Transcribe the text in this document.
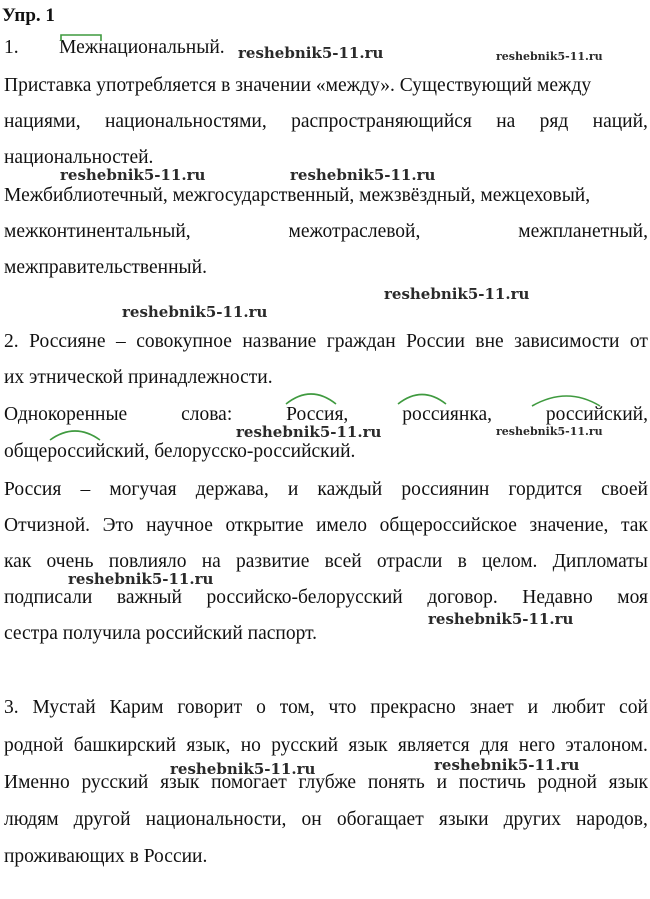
Упр. 1
1. Межнациональный.
Приставка употребляется в значении «между». Существующий между
нациями, национальностями, распространяющийся на ряд наций,
национальностей.
Межбиблиотечный, межгосударственный, межзвёздный, межцеховый,
межконтинентальный,	межотраслевой,	межпланетный,
межправительственный.
2. Россияне – совокупное название граждан России вне зависимости от
их этнической принадлежности.
Однокоренные	слова:	Россия,	россиянка,	российский,
общероссийский, белорусско-российский.
Россия – могучая держава, и каждый россиянин гордится своей
Отчизной. Это научное открытие имело общероссийское значение, так
как очень повлияло на развитие всей отрасли в целом. Дипломаты
подписали важный российско-белорусский договор. Недавно моя
сестра получила российский паспорт.
3. Мустай Карим говорит о том, что прекрасно знает и любит сой
родной башкирский язык, но русский язык является для него эталоном.
Именно русский язык помогает глубже понять и постичь родной язык
людям другой национальности, он обогащает языки других народов,
проживающих в России.
reshebnik5-11.ru	reshebnik5-11.ru
reshebnik5-11.ru	reshebnik5-11.ru
reshebnik5-11.ru
reshebnik5-11.ru
reshebnik5-11.ru	reshebnik5-11.ru
reshebnik5-11.ru
reshebnik5-11.ru
reshebnik5-11.ru	reshebnik5-11.ru
